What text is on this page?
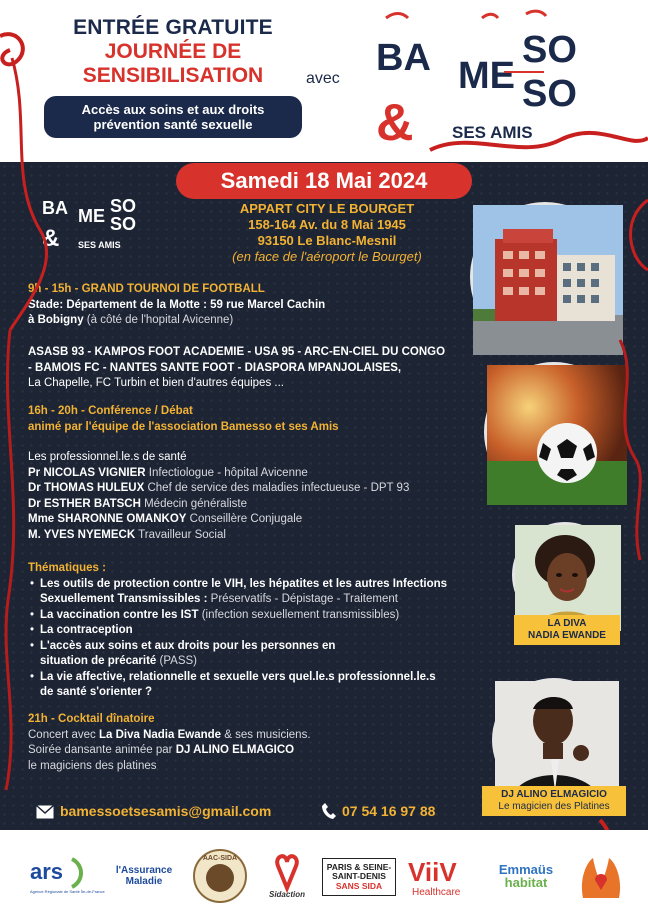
ENTRÉE GRATUITE
JOURNÉE DE
SENSIBILISATION
Accès aux soins et aux droits
prévention santé sexuelle
avec BA ME
SO
SO
& SES AMIS
BA ME SO
SO
& SES AMIS
Samedi 18 Mai 2024
APPART CITY LE BOURGET
158-164 Av. du 8 Mai 1945
93150 Le Blanc-Mesnil
(en face de l'aéroport le Bourget)
LA DIVA
NADIA EWANDE
DJ ALINO ELMAGICIO
Le magicien des Platines
9h - 15h - GRAND TOURNOI DE FOOTBALL
Stade: Département de la Motte : 59 rue Marcel Cachin
à Bobigny (à côté de l'hopital Avicenne)
ASASB 93 - KAMPOS FOOT ACADEMIE - USA 95 - ARC-EN-CIEL DU CONGO
- BAMOIS FC - NANTES SANTE FOOT - DIASPORA MPANJOLAISES,
La Chapelle, FC Turbin et bien d'autres équipes ...
16h - 20h - Conférence / Débat
animé par l'équipe de l'association Bamesso et ses Amis
Les professionnel.le.s de santé
Pr NICOLAS VIGNIER Infectiologue - hôpital Avicenne
Dr THOMAS HULEUX Chef de service des maladies infectueuse - DPT 93
Dr ESTHER BATSCH Médecin généraliste
Mme SHARONNE OMANKOY Conseillère Conjugale
M. YVES NYEMECK Travailleur Social
Thématiques :
• Les outils de protection contre le VIH, les hépatites et les autres Infections
Sexuellement Transmissibles : Préservatifs - Dépistage - Traitement
• La vaccination contre les IST (infection sexuellement transmissibles)
• La contraception
• L'accès aux soins et aux droits pour les personnes en
situation de précarité (PASS)
• La vie affective, relationnelle et sexuelle vers quel.le.s professionnel.le.s
de santé s'orienter ?
21h - Cocktail dînatoire
Concert avec La Diva Nadia Ewande & ses musiciens.
Soirée dansante animée par DJ ALINO ELMAGICO
le magiciens des platines
bamessoetsesamis@gmail.com	07 54 16 97 88
ars
Agence Régionale de Santé Île-de-France
l'Assurance
Maladie
AAC-SIDA

Sidaction
PARIS & SEINE-
SAINT-DENIS
SANS SIDA ViiV
Healthcare
Emmaüs
habitat
